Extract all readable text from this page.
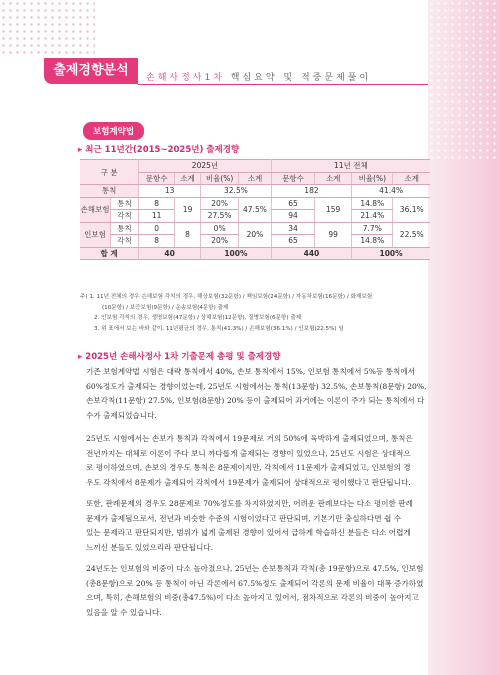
출제경향분석	손해사정사1차 핵심요약 및 적중문제풀이
보험계약법
▸ 최근 11년간(2015~2025년) 출제경향
구 분		2025년				11년 전체			
		문항수	소계	비율(%)	소계	문항수	소계	비율(%)	소계
통칙		13		32.5%		182		41.4%	
손해보험	통칙	8	19	20%	47.5%	65	159	14.8%	36.1%
	각칙	11		27.5%		94		21.4%	
인보험	통칙	0	8	0%	20%	34	99	7.7%	22.5%
	각칙	8		20%		65		14.8%	
합 계		40		100%		440		100%	
주) 1. 11년 전체의 경우 손해보험 각칙의 경우, 해상보험(32문항) / 책임보험(24문항) / 자동차보험(16문항) / 화재보험
(10문항) / 보증보험(9문항) / 운송보험(4문항) 출제
2. 인보험 각칙의 경우, 생명보험(47문항) / 상해보험(12문항), 질병보험(6문항) 출제
3. 위 표에서 보는 바와 같이, 11년평균의 경우, 통칙(41.3%) / 손해보험(36.1%) / 인보험(22.5%) 임
▸ 2025년 손해사정사 1차 기출문제 총평 및 출제경향
기존 보험계약법 시험은 대략 통칙에서 40%, 손보 통칙에서 15%, 인보험 통칙에서 5%등 통칙에서
60%정도가 출제되는 경향이었는데, 25년도 시험에서는 통칙(13문항) 32.5%, 손보통칙(8문항) 20%,
손보각칙(11문항) 27.5%, 인보험(8문항) 20% 등이 출제되어 과거에는 이론이 주가 되는 통칙에서 다
수가 출제되었습니다.
25년도 시험에서는 손보가 통칙과 각칙에서 19문제로 거의 50%에 육박하게 출제되었으며, 통칙은
전년까지는 대체로 이론이 주다 보니 까다롭게 출제되는 경향이 있었으나, 25년도 시험은 상대적으
로 평이하였으며, 손보의 경우도 통칙은 8문제이지만, 각칙에서 11문제가 출제되었고, 인보험의 경
우도 각칙에서 8문제가 출제되어 각칙에서 19문제가 출제되어 상대적으로 평이했다고 판단됩니다.
또한, 판례문제의 경우도 28문제로 70%정도를 차지하였지만, 어려운 판례보다는 다소 평이한 판례
문제가 출제됨으로서, 전년과 비슷한 수준의 시험이었다고 판단되며, 기본기만 충실하다면 쉽 수
있는 문제라고 판단되지만, 범위가 넓게 출제된 경향이 있어서 급하게 학습하신 분들은 다소 어렵게
느끼신 분들도 있었으리라 판단됩니다.
24년도는 인보험의 비중이 다소 높아졌으나, 25년는 손보통칙과 각칙(총 19문항)으로 47.5%, 인보험
(총8문항)으로 20% 등 통칙이 아닌 각론에서 67.5%정도 출제되어 각론의 문제 비율이 대폭 증가하였
으며, 특히, 손해보험의 비중(총47.5%)이 다소 높아지고 있어서, 점차적으로 각론의 비중이 높아지고
있음을 알 수 있습니다.
